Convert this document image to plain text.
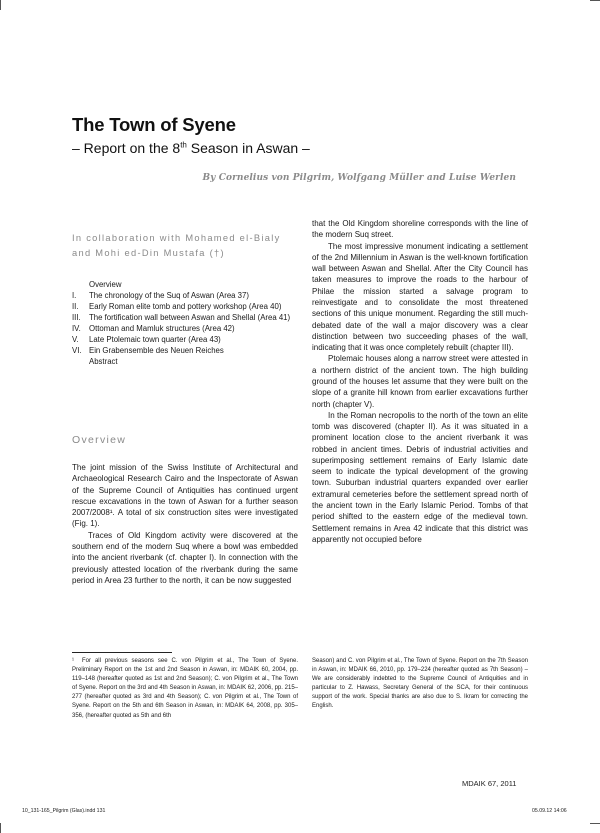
The Town of Syene
– Report on the 8th Season in Aswan –
By Cornelius von Pilgrim, Wolfgang Müller and Luise Werlen
In collaboration with Mohamed el-Bialy and Mohi ed-Din Mustafa (†)
Overview
I.	The chronology of the Suq of Aswan (Area 37)
II.	Early Roman elite tomb and pottery workshop (Area 40)
III.	The fortification wall between Aswan and Shellal (Area 41)
IV.	Ottoman and Mamluk structures (Area 42)
V.	Late Ptolemaic town quarter (Area 43)
VI. Ein Grabensemble des Neuen Reiches
Abstract
Overview

The joint mission of the Swiss Institute of Architectural and Archaeological Research Cairo and the Inspectorate of Aswan of the Supreme Council of Antiquities has continued urgent rescue excavations in the town of Aswan for a further season 2007/2008¹. A total of six construction sites were investigated (Fig. 1).

Traces of Old Kingdom activity were discovered at the southern end of the modern Suq where a bowl was embedded into the ancient riverbank (cf. chapter I). In connection with the previously attested location of the riverbank during the same period in Area 23 further to the north, it can be now suggested

that the Old Kingdom shoreline corresponds with the line of the modern Suq street.

The most impressive monument indicating a settlement of the 2nd Millennium in Aswan is the well-known fortification wall between Aswan and Shellal. After the City Council has taken measures to improve the roads to the harbour of Philae the mission started a salvage program to reinvestigate and to consolidate the most threatened sections of this unique monument. Regarding the still much-debated date of the wall a major discovery was a clear distinction between two succeeding phases of the wall, indicating that it was once completely rebuilt (chapter III).

Ptolemaic houses along a narrow street were attested in a northern district of the ancient town. The high building ground of the houses let assume that they were built on the slope of a granite hill known from earlier excavations further north (chapter V).

In the Roman necropolis to the north of the town an elite tomb was discovered (chapter II). As it was situated in a prominent location close to the ancient riverbank it was robbed in ancient times. Debris of industrial activities and superimposing settlement remains of Early Islamic date seem to indicate the typical development of the growing town. Suburban industrial quarters expanded over earlier extramural cemeteries before the settlement spread north of the ancient town in the Early Islamic Period. Tombs of that period shifted to the eastern edge of the medieval town. Settlement remains in Area 42 indicate that this district was apparently not occupied before

¹ For all previous seasons see C. von Pilgrim et al., The Town of Syene. Preliminary Report on the 1st and 2nd Season in Aswan, in: MDAIK 60, 2004, pp. 119–148 (hereafter quoted as 1st and 2nd Season); C. von Pilgrim et al., The Town of Syene. Report on the 3rd and 4th Season in Aswan, in: MDAIK 62, 2006, pp. 215–277 (hereafter quoted as 3rd and 4th Season); C. von Pilgrim et al., The Town of Syene. Report on the 5th and 6th Season in Aswan, in: MDAIK 64, 2008, pp. 305–356, (hereafter quoted as 5th and 6th
Season) and C. von Pilgrim et al., The Town of Syene. Report on the 7th Season in Aswan, in: MDAIK 66, 2010, pp. 179–224 (hereafter quoted as 7th Season) – We are considerably indebted to the Supreme Council of Antiquities and in particular to Z. Hawass, Secretary General of the SCA, for their continuous support of the work. Special thanks are also due to S. Ikram for correcting the English.
MDAIK 67, 2011
10_131-165_Pilgrim (Glas).indd 131	05.09.12 14:06
